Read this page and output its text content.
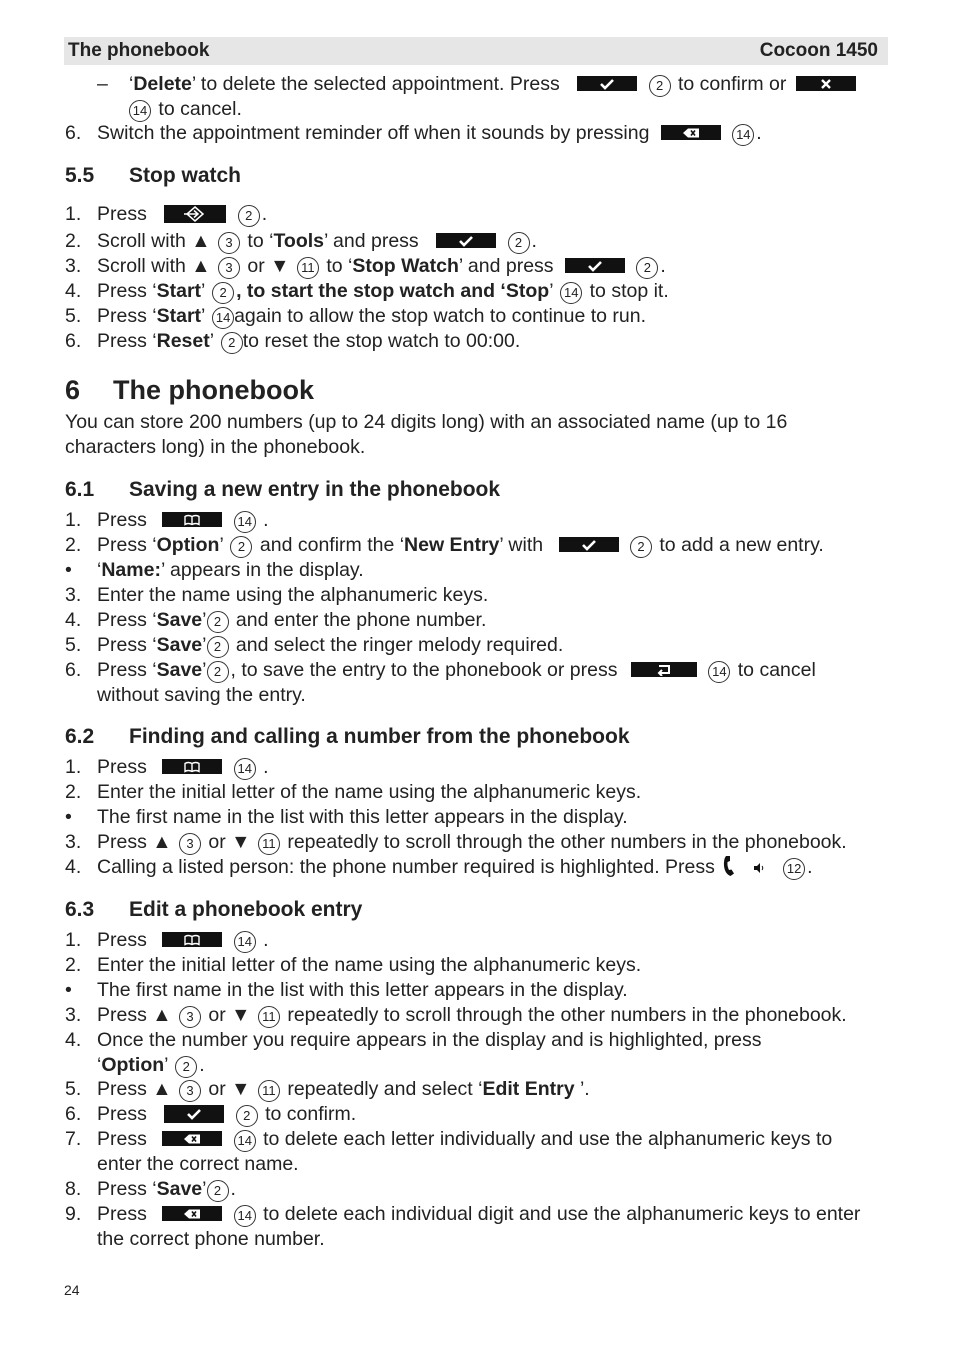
The phonebook	Cocoon 1450
– ‘Delete’ to delete the selected appointment. Press	2 to confirm or
14 to cancel.
6. Switch the appointment reminder off when it sounds by pressing	14 .
5.5 Stop watch
1. Press	2 .
2. Scroll with ▲ 3 to ‘Tools’ and press	2 .
3. Scroll with ▲ 3 or ▼ 11 to ‘Stop Watch’ and press	2 .
4. Press ‘Start’ 2 , to start the stop watch and ‘Stop’ 14 to stop it.
5. Press ‘Start’ 14 again to allow the stop watch to continue to run.
6. Press ‘Reset’ 2 to reset the stop watch to 00:00.
6 The phonebook
You can store 200 numbers (up to 24 digits long) with an associated name (up to 16
characters long) in the phonebook.
6.1 Saving a new entry in the phonebook
1. Press	14 .
2. Press ‘Option’ 2 and confirm the ‘New Entry’ with	2 to add a new entry.
• ‘Name:’ appears in the display.
3. Enter the name using the alphanumeric keys.
4. Press ‘Save’ 2 and enter the phone number.
5. Press ‘Save’ 2 and select the ringer melody required.
6. Press ‘Save’ 2 , to save the entry to the phonebook or press	14 to cancel
without saving the entry.
6.2 Finding and calling a number from the phonebook
1. Press	14 .
2. Enter the initial letter of the name using the alphanumeric keys.
• The first name in the list with this letter appears in the display.
3. Press ▲ 3 or ▼ 11 repeatedly to scroll through the other numbers in the phonebook.
4. Calling a listed person: the phone number required is highlighted. Press	12 .
6.3 Edit a phonebook entry
1. Press	14 .
2. Enter the initial letter of the name using the alphanumeric keys.
• The first name in the list with this letter appears in the display.
3. Press ▲ 3 or ▼ 11 repeatedly to scroll through the other numbers in the phonebook.
4. Once the number you require appears in the display and is highlighted, press
‘Option’ 2 .
5. Press ▲ 3 or ▼ 11 repeatedly and select ‘Edit Entry ’.
6. Press	2 to confirm.
7. Press	14 to delete each letter individually and use the alphanumeric keys to
enter the correct name.
8. Press ‘Save’ 2 .
9. Press	14 to delete each individual digit and use the alphanumeric keys to enter
the correct phone number.
24
